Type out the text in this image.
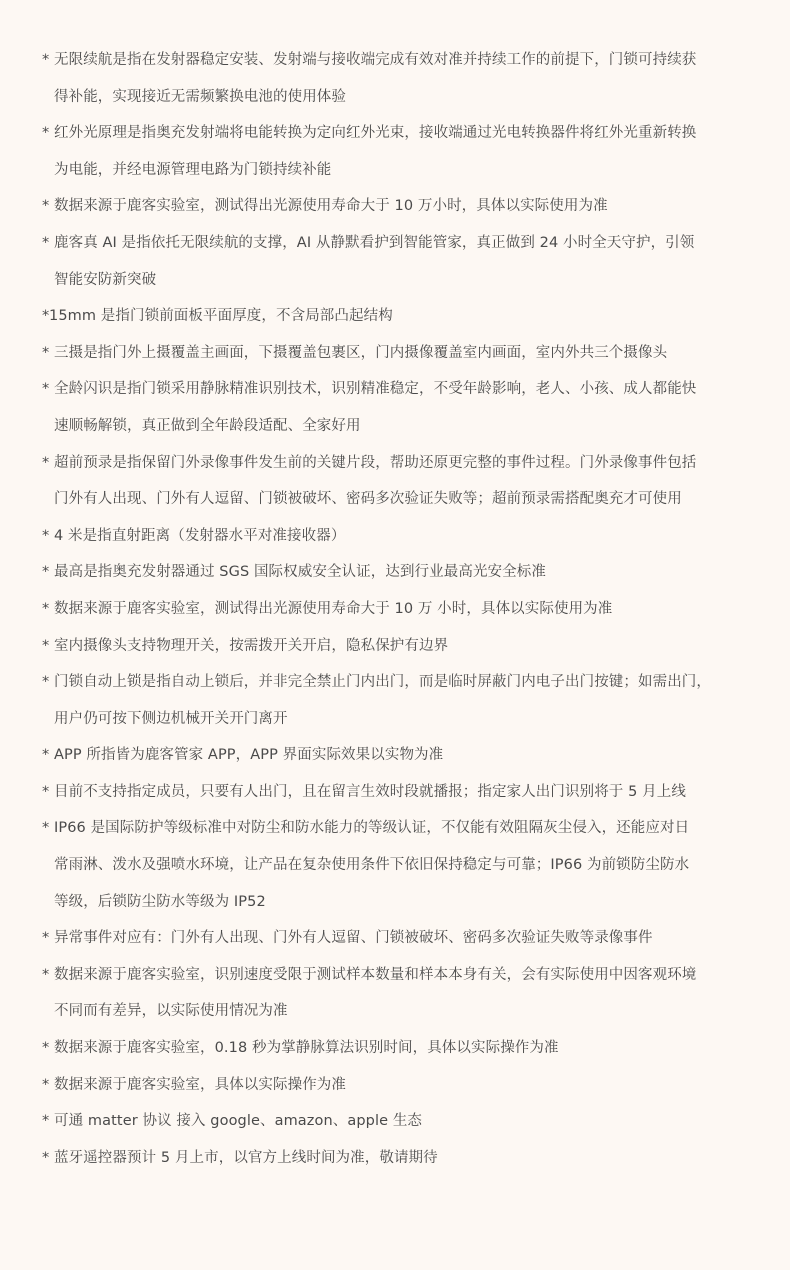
* 无限续航是指在发射器稳定安装、发射端与接收端完成有效对准并持续工作的前提下，门锁可持续获
得补能，实现接近无需频繁换电池的使用体验
* 红外光原理是指奥充发射端将电能转换为定向红外光束，接收端通过光电转换器件将红外光重新转换
为电能，并经电源管理电路为门锁持续补能
* 数据来源于鹿客实验室，测试得出光源使用寿命大于 10 万小时，具体以实际使用为准
* 鹿客真 AI 是指依托无限续航的支撑，AI 从静默看护到智能管家，真正做到 24 小时全天守护，引领
智能安防新突破
* 15mm 是指门锁前面板平面厚度，不含局部凸起结构
* 三摄是指门外上摄覆盖主画面，下摄覆盖包裹区，门内摄像覆盖室内画面，室内外共三个摄像头
* 全龄闪识是指门锁采用静脉精准识别技术，识别精准稳定，不受年龄影响，老人、小孩、成人都能快
速顺畅解锁，真正做到全年龄段适配、全家好用
* 超前预录是指保留门外录像事件发生前的关键片段，帮助还原更完整的事件过程。门外录像事件包括
门外有人出现、门外有人逗留、门锁被破坏、密码多次验证失败等；超前预录需搭配奥充才可使用
* 4 米是指直射距离（发射器水平对准接收器）
* 最高是指奥充发射器通过 SGS 国际权威安全认证，达到行业最高光安全标准
* 数据来源于鹿客实验室，测试得出光源使用寿命大于 10 万 小时，具体以实际使用为准
* 室内摄像头支持物理开关，按需拨开关开启，隐私保护有边界
* 门锁自动上锁是指自动上锁后，并非完全禁止门内出门，而是临时屏蔽门内电子出门按键；如需出门，
用户仍可按下侧边机械开关开门离开
* APP 所指皆为鹿客管家 APP，APP 界面实际效果以实物为准
* 目前不支持指定成员，只要有人出门，且在留言生效时段就播报；指定家人出门识别将于 5 月上线
* IP66 是国际防护等级标准中对防尘和防水能力的等级认证，不仅能有效阻隔灰尘侵入，还能应对日
常雨淋、泼水及强喷水环境，让产品在复杂使用条件下依旧保持稳定与可靠；IP66 为前锁防尘防水
等级，后锁防尘防水等级为 IP52
* 异常事件对应有：门外有人出现、门外有人逗留、门锁被破坏、密码多次验证失败等录像事件
* 数据来源于鹿客实验室，识别速度受限于测试样本数量和样本本身有关，会有实际使用中因客观环境
不同而有差异，以实际使用情况为准
* 数据来源于鹿客实验室，0.18 秒为掌静脉算法识别时间，具体以实际操作为准
* 数据来源于鹿客实验室，具体以实际操作为准
* 可通 matter 协议 接入 google、amazon、apple 生态
* 蓝牙遥控器预计 5 月上市，以官方上线时间为准，敬请期待
